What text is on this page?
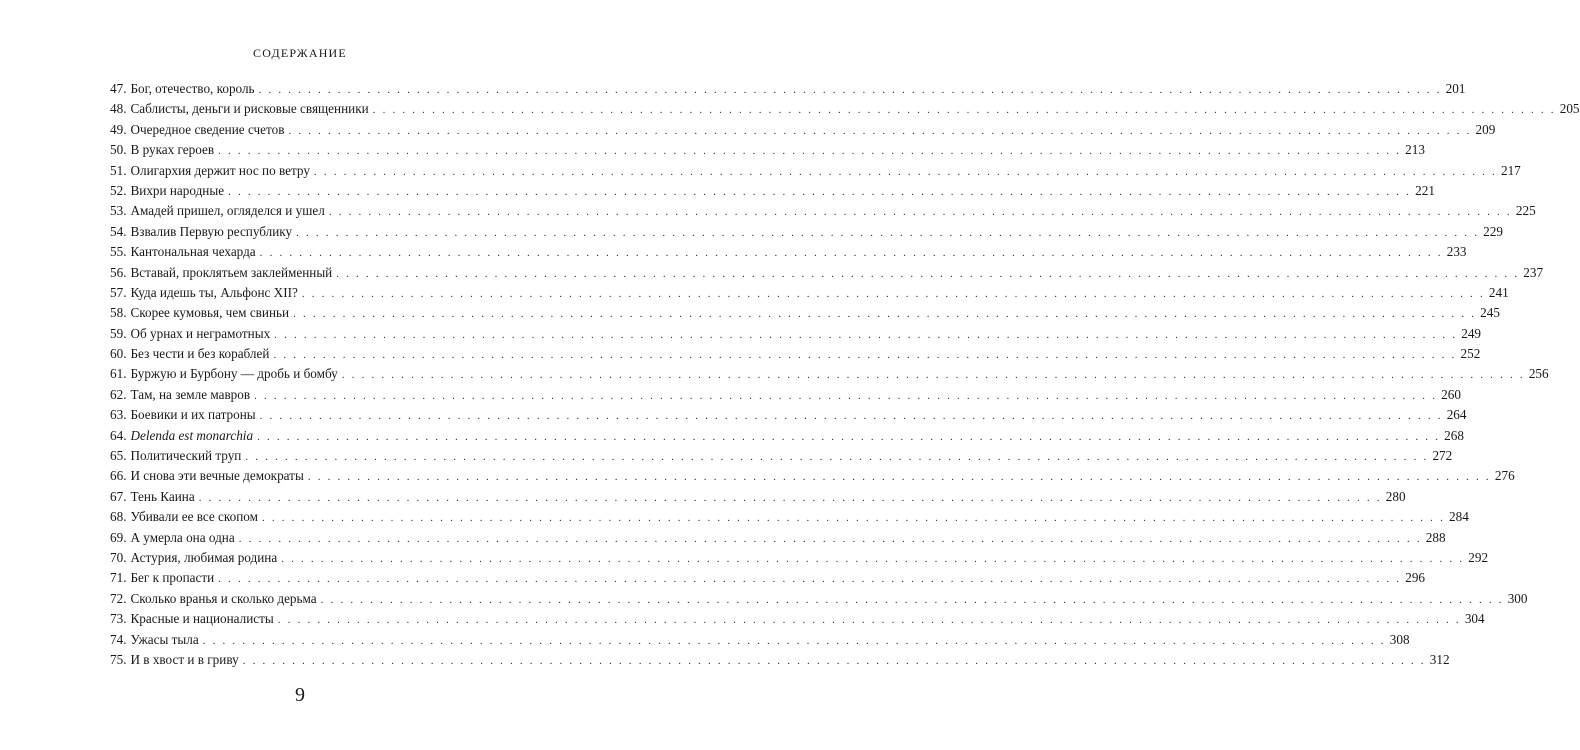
СОДЕРЖАНИЕ
47. Бог, отечество, король . . . . . . . . . . . . . . . . . . . . . . . . . . . . . . . . . . . . . . . . . . . . . . . . . . . . . . . . . . . . . . . . . . . . . . . . . . . . . . . . . . . . . . . . . . . . . . . . . . . . . . . . . . . . . . . . . . . . . . . . 201
48. Саблисты, деньги и рисковые священники . . . . . . . . . . . . . . . . . . . . . . . . . . . . . . . . . . . . . . . . . . . . . . . . . . . . . . . . . . . . . . . . . . . . . . . . . . . . . . . . . . . . . . . . . . . . . . . . . . . . . . . . . . . . . . . . . . . . . . . . 205
49. Очередное сведение счетов . . . . . . . . . . . . . . . . . . . . . . . . . . . . . . . . . . . . . . . . . . . . . . . . . . . . . . . . . . . . . . . . . . . . . . . . . . . . . . . . . . . . . . . . . . . . . . . . . . . . . . . . . . . . . . . . . . . . . . . . 209
50. В руках героев . . . . . . . . . . . . . . . . . . . . . . . . . . . . . . . . . . . . . . . . . . . . . . . . . . . . . . . . . . . . . . . . . . . . . . . . . . . . . . . . . . . . . . . . . . . . . . . . . . . . . . . . . . . . . . . . . . . . . . . . 213
51. Олигархия держит нос по ветру . . . . . . . . . . . . . . . . . . . . . . . . . . . . . . . . . . . . . . . . . . . . . . . . . . . . . . . . . . . . . . . . . . . . . . . . . . . . . . . . . . . . . . . . . . . . . . . . . . . . . . . . . . . . . . . . . . . . . . . . 217
52. Вихри народные . . . . . . . . . . . . . . . . . . . . . . . . . . . . . . . . . . . . . . . . . . . . . . . . . . . . . . . . . . . . . . . . . . . . . . . . . . . . . . . . . . . . . . . . . . . . . . . . . . . . . . . . . . . . . . . . . . . . . . . . 221
53. Амадей пришел, огляделся и ушел . . . . . . . . . . . . . . . . . . . . . . . . . . . . . . . . . . . . . . . . . . . . . . . . . . . . . . . . . . . . . . . . . . . . . . . . . . . . . . . . . . . . . . . . . . . . . . . . . . . . . . . . . . . . . . . . . . . . . . . . 225
54. Взвалив Первую республику . . . . . . . . . . . . . . . . . . . . . . . . . . . . . . . . . . . . . . . . . . . . . . . . . . . . . . . . . . . . . . . . . . . . . . . . . . . . . . . . . . . . . . . . . . . . . . . . . . . . . . . . . . . . . . . . . . . . . . . . 229
55. Кантональная чехарда . . . . . . . . . . . . . . . . . . . . . . . . . . . . . . . . . . . . . . . . . . . . . . . . . . . . . . . . . . . . . . . . . . . . . . . . . . . . . . . . . . . . . . . . . . . . . . . . . . . . . . . . . . . . . . . . . . . . . . . . 233
56. Вставай, проклятьем заклейменный . . . . . . . . . . . . . . . . . . . . . . . . . . . . . . . . . . . . . . . . . . . . . . . . . . . . . . . . . . . . . . . . . . . . . . . . . . . . . . . . . . . . . . . . . . . . . . . . . . . . . . . . . . . . . . . . . . . . . . . . 237
57. Куда идешь ты, Альфонс XII? . . . . . . . . . . . . . . . . . . . . . . . . . . . . . . . . . . . . . . . . . . . . . . . . . . . . . . . . . . . . . . . . . . . . . . . . . . . . . . . . . . . . . . . . . . . . . . . . . . . . . . . . . . . . . . . . . . . . . . . . 241
58. Скорее кумовья, чем свиньи . . . . . . . . . . . . . . . . . . . . . . . . . . . . . . . . . . . . . . . . . . . . . . . . . . . . . . . . . . . . . . . . . . . . . . . . . . . . . . . . . . . . . . . . . . . . . . . . . . . . . . . . . . . . . . . . . . . . . . . . 245
59. Об урнах и неграмотных . . . . . . . . . . . . . . . . . . . . . . . . . . . . . . . . . . . . . . . . . . . . . . . . . . . . . . . . . . . . . . . . . . . . . . . . . . . . . . . . . . . . . . . . . . . . . . . . . . . . . . . . . . . . . . . . . . . . . . . . 249
60. Без чести и без кораблей . . . . . . . . . . . . . . . . . . . . . . . . . . . . . . . . . . . . . . . . . . . . . . . . . . . . . . . . . . . . . . . . . . . . . . . . . . . . . . . . . . . . . . . . . . . . . . . . . . . . . . . . . . . . . . . . . . . . . . . . 252
61. Буржую и Бурбону — дробь и бомбу . . . . . . . . . . . . . . . . . . . . . . . . . . . . . . . . . . . . . . . . . . . . . . . . . . . . . . . . . . . . . . . . . . . . . . . . . . . . . . . . . . . . . . . . . . . . . . . . . . . . . . . . . . . . . . . . . . . . . . . . 256
62. Там, на земле мавров . . . . . . . . . . . . . . . . . . . . . . . . . . . . . . . . . . . . . . . . . . . . . . . . . . . . . . . . . . . . . . . . . . . . . . . . . . . . . . . . . . . . . . . . . . . . . . . . . . . . . . . . . . . . . . . . . . . . . . . . 260
63. Боевики и их патроны . . . . . . . . . . . . . . . . . . . . . . . . . . . . . . . . . . . . . . . . . . . . . . . . . . . . . . . . . . . . . . . . . . . . . . . . . . . . . . . . . . . . . . . . . . . . . . . . . . . . . . . . . . . . . . . . . . . . . . . . 264
64. Delenda est monarchia . . . . . . . . . . . . . . . . . . . . . . . . . . . . . . . . . . . . . . . . . . . . . . . . . . . . . . . . . . . . . . . . . . . . . . . . . . . . . . . . . . . . . . . . . . . . . . . . . . . . . . . . . . . . . . . . . . . . . . . . 268
65. Политический труп . . . . . . . . . . . . . . . . . . . . . . . . . . . . . . . . . . . . . . . . . . . . . . . . . . . . . . . . . . . . . . . . . . . . . . . . . . . . . . . . . . . . . . . . . . . . . . . . . . . . . . . . . . . . . . . . . . . . . . . . 272
66. И снова эти вечные демократы . . . . . . . . . . . . . . . . . . . . . . . . . . . . . . . . . . . . . . . . . . . . . . . . . . . . . . . . . . . . . . . . . . . . . . . . . . . . . . . . . . . . . . . . . . . . . . . . . . . . . . . . . . . . . . . . . . . . . . . . 276
67. Тень Каина . . . . . . . . . . . . . . . . . . . . . . . . . . . . . . . . . . . . . . . . . . . . . . . . . . . . . . . . . . . . . . . . . . . . . . . . . . . . . . . . . . . . . . . . . . . . . . . . . . . . . . . . . . . . . . . . . . . . . . . . 280
68. Убивали ее все скопом . . . . . . . . . . . . . . . . . . . . . . . . . . . . . . . . . . . . . . . . . . . . . . . . . . . . . . . . . . . . . . . . . . . . . . . . . . . . . . . . . . . . . . . . . . . . . . . . . . . . . . . . . . . . . . . . . . . . . . . . 284
69. А умерла она одна . . . . . . . . . . . . . . . . . . . . . . . . . . . . . . . . . . . . . . . . . . . . . . . . . . . . . . . . . . . . . . . . . . . . . . . . . . . . . . . . . . . . . . . . . . . . . . . . . . . . . . . . . . . . . . . . . . . . . . . . 288
70. Астурия, любимая родина . . . . . . . . . . . . . . . . . . . . . . . . . . . . . . . . . . . . . . . . . . . . . . . . . . . . . . . . . . . . . . . . . . . . . . . . . . . . . . . . . . . . . . . . . . . . . . . . . . . . . . . . . . . . . . . . . . . . . . . . 292
71. Бег к пропасти . . . . . . . . . . . . . . . . . . . . . . . . . . . . . . . . . . . . . . . . . . . . . . . . . . . . . . . . . . . . . . . . . . . . . . . . . . . . . . . . . . . . . . . . . . . . . . . . . . . . . . . . . . . . . . . . . . . . . . . . 296
72. Сколько вранья и сколько дерьма . . . . . . . . . . . . . . . . . . . . . . . . . . . . . . . . . . . . . . . . . . . . . . . . . . . . . . . . . . . . . . . . . . . . . . . . . . . . . . . . . . . . . . . . . . . . . . . . . . . . . . . . . . . . . . . . . . . . . . . . 300
73. Красные и националисты . . . . . . . . . . . . . . . . . . . . . . . . . . . . . . . . . . . . . . . . . . . . . . . . . . . . . . . . . . . . . . . . . . . . . . . . . . . . . . . . . . . . . . . . . . . . . . . . . . . . . . . . . . . . . . . . . . . . . . . . 304
74. Ужасы тыла . . . . . . . . . . . . . . . . . . . . . . . . . . . . . . . . . . . . . . . . . . . . . . . . . . . . . . . . . . . . . . . . . . . . . . . . . . . . . . . . . . . . . . . . . . . . . . . . . . . . . . . . . . . . . . . . . . . . . . . . 308
75. И в хвост и в гриву . . . . . . . . . . . . . . . . . . . . . . . . . . . . . . . . . . . . . . . . . . . . . . . . . . . . . . . . . . . . . . . . . . . . . . . . . . . . . . . . . . . . . . . . . . . . . . . . . . . . . . . . . . . . . . . . . . . . . . . . 312
9
